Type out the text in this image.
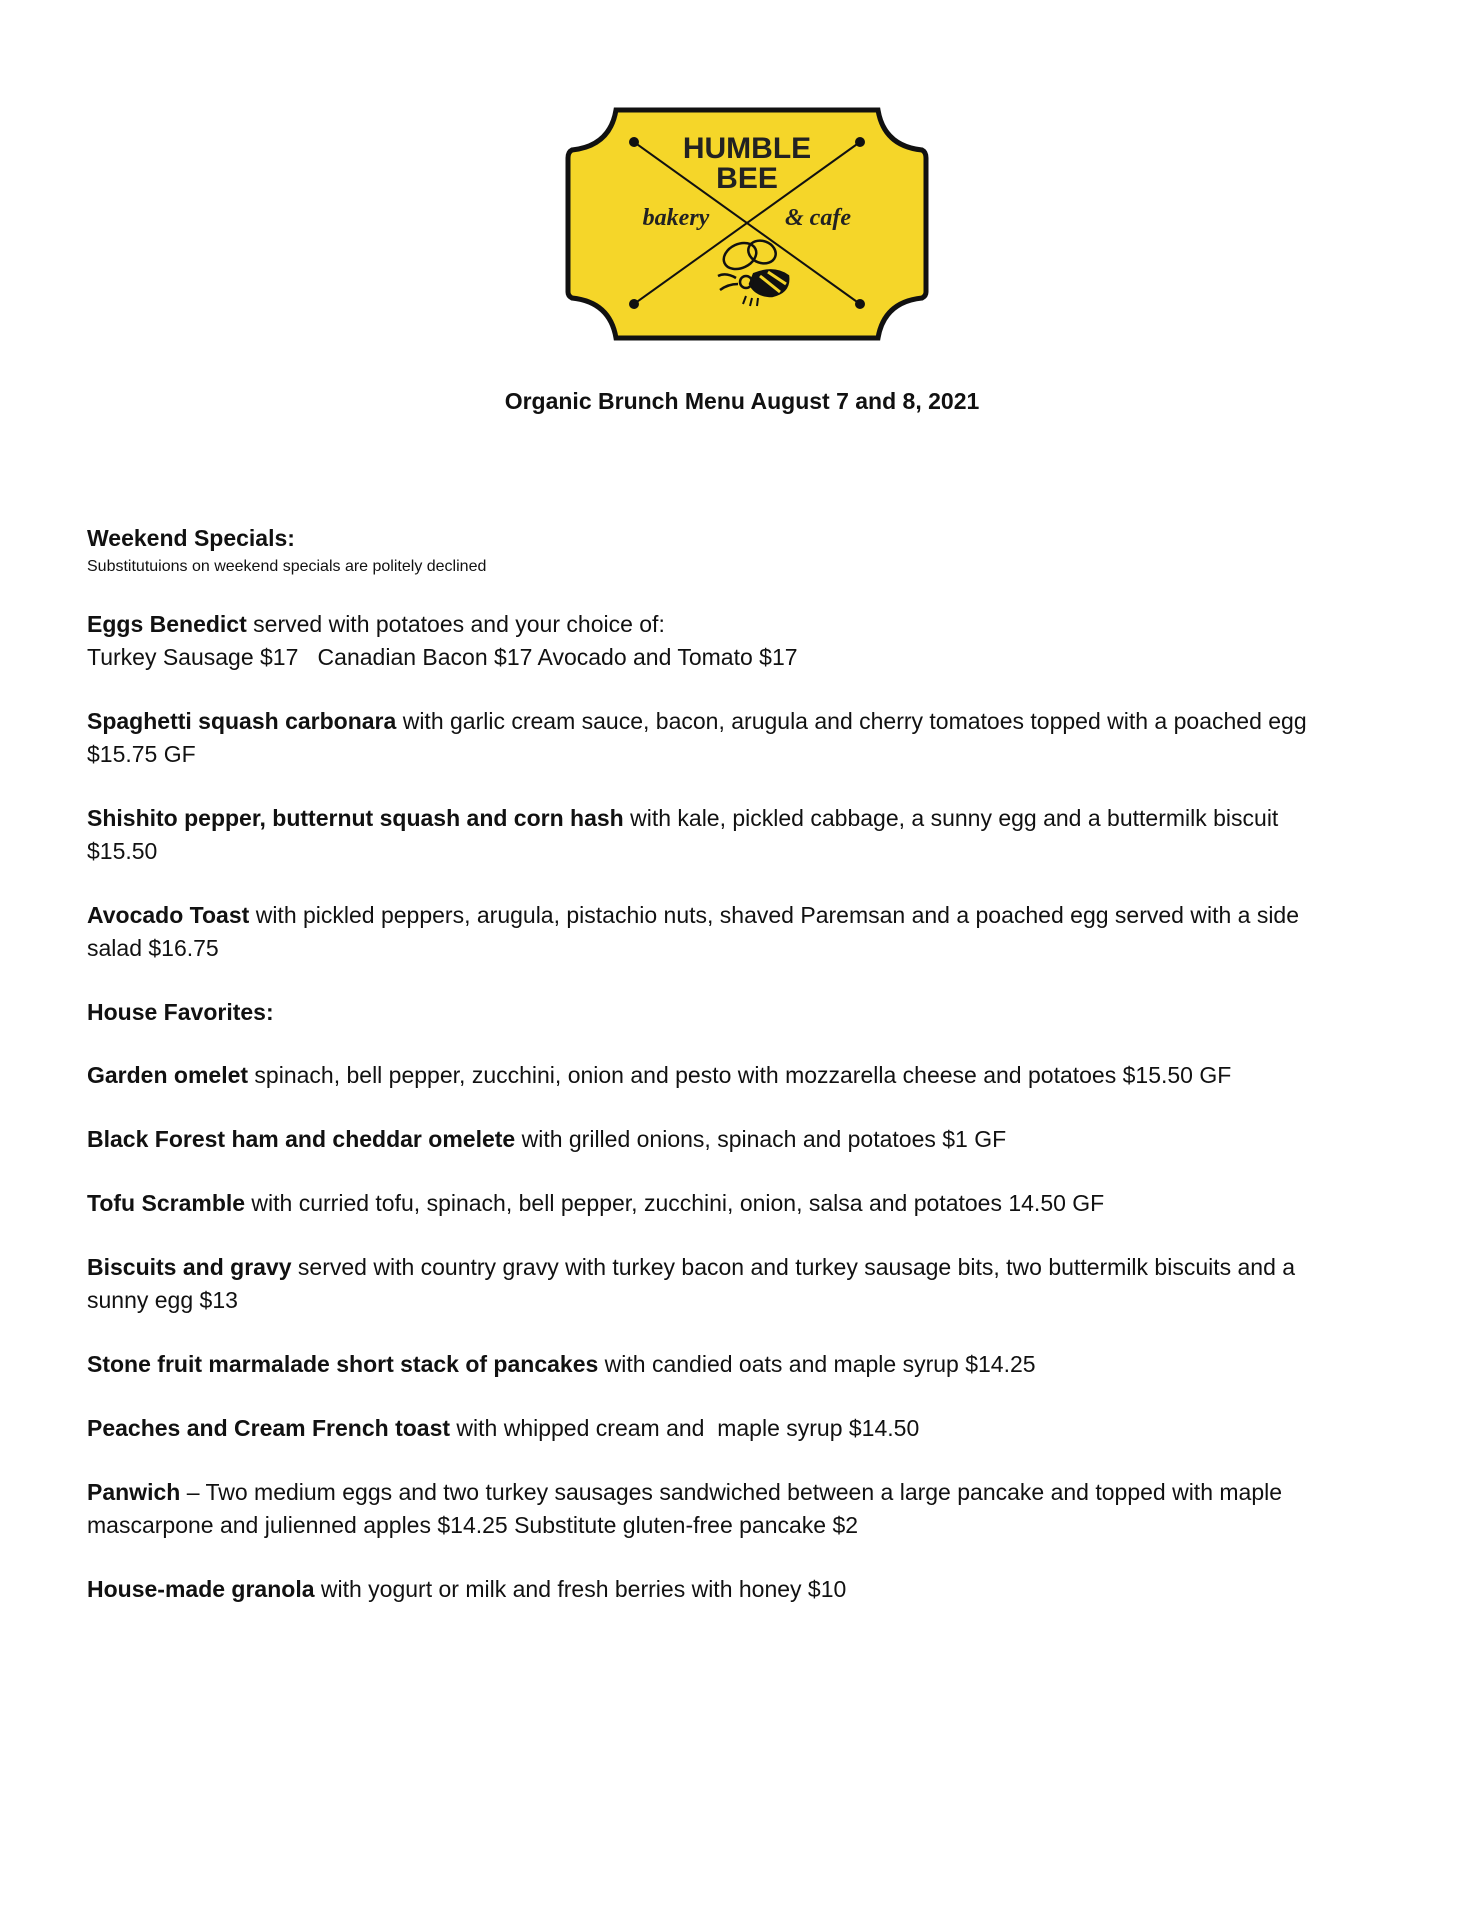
HUMBLE
BEE
bakery	& cafe
Organic Brunch Menu August 7 and 8, 2021
Weekend Specials:
Substitutuions on weekend specials are politely declined

Eggs Benedict served with potatoes and your choice of:
Turkey Sausage $17   Canadian Bacon $17 Avocado and Tomato $17

Spaghetti squash carbonara with garlic cream sauce, bacon, arugula and cherry tomatoes topped with a poached egg
$15.75 GF

Shishito pepper, butternut squash and corn hash with kale, pickled cabbage, a sunny egg and a buttermilk biscuit
$15.50

Avocado Toast with pickled peppers, arugula, pistachio nuts, shaved Paremsan and a poached egg served with a side
salad $16.75

House Favorites:

Garden omelet spinach, bell pepper, zucchini, onion and pesto with mozzarella cheese and potatoes $15.50 GF

Black Forest ham and cheddar omelete with grilled onions, spinach and potatoes $1 GF

Tofu Scramble with curried tofu, spinach, bell pepper, zucchini, onion, salsa and potatoes 14.50 GF

Biscuits and gravy served with country gravy with turkey bacon and turkey sausage bits, two buttermilk biscuits and a
sunny egg $13

Stone fruit marmalade short stack of pancakes with candied oats and maple syrup $14.25

Peaches and Cream French toast with whipped cream and  maple syrup $14.50

Panwich – Two medium eggs and two turkey sausages sandwiched between a large pancake and topped with maple
mascarpone and julienned apples $14.25 Substitute gluten-free pancake $2

House-made granola with yogurt or milk and fresh berries with honey $10
